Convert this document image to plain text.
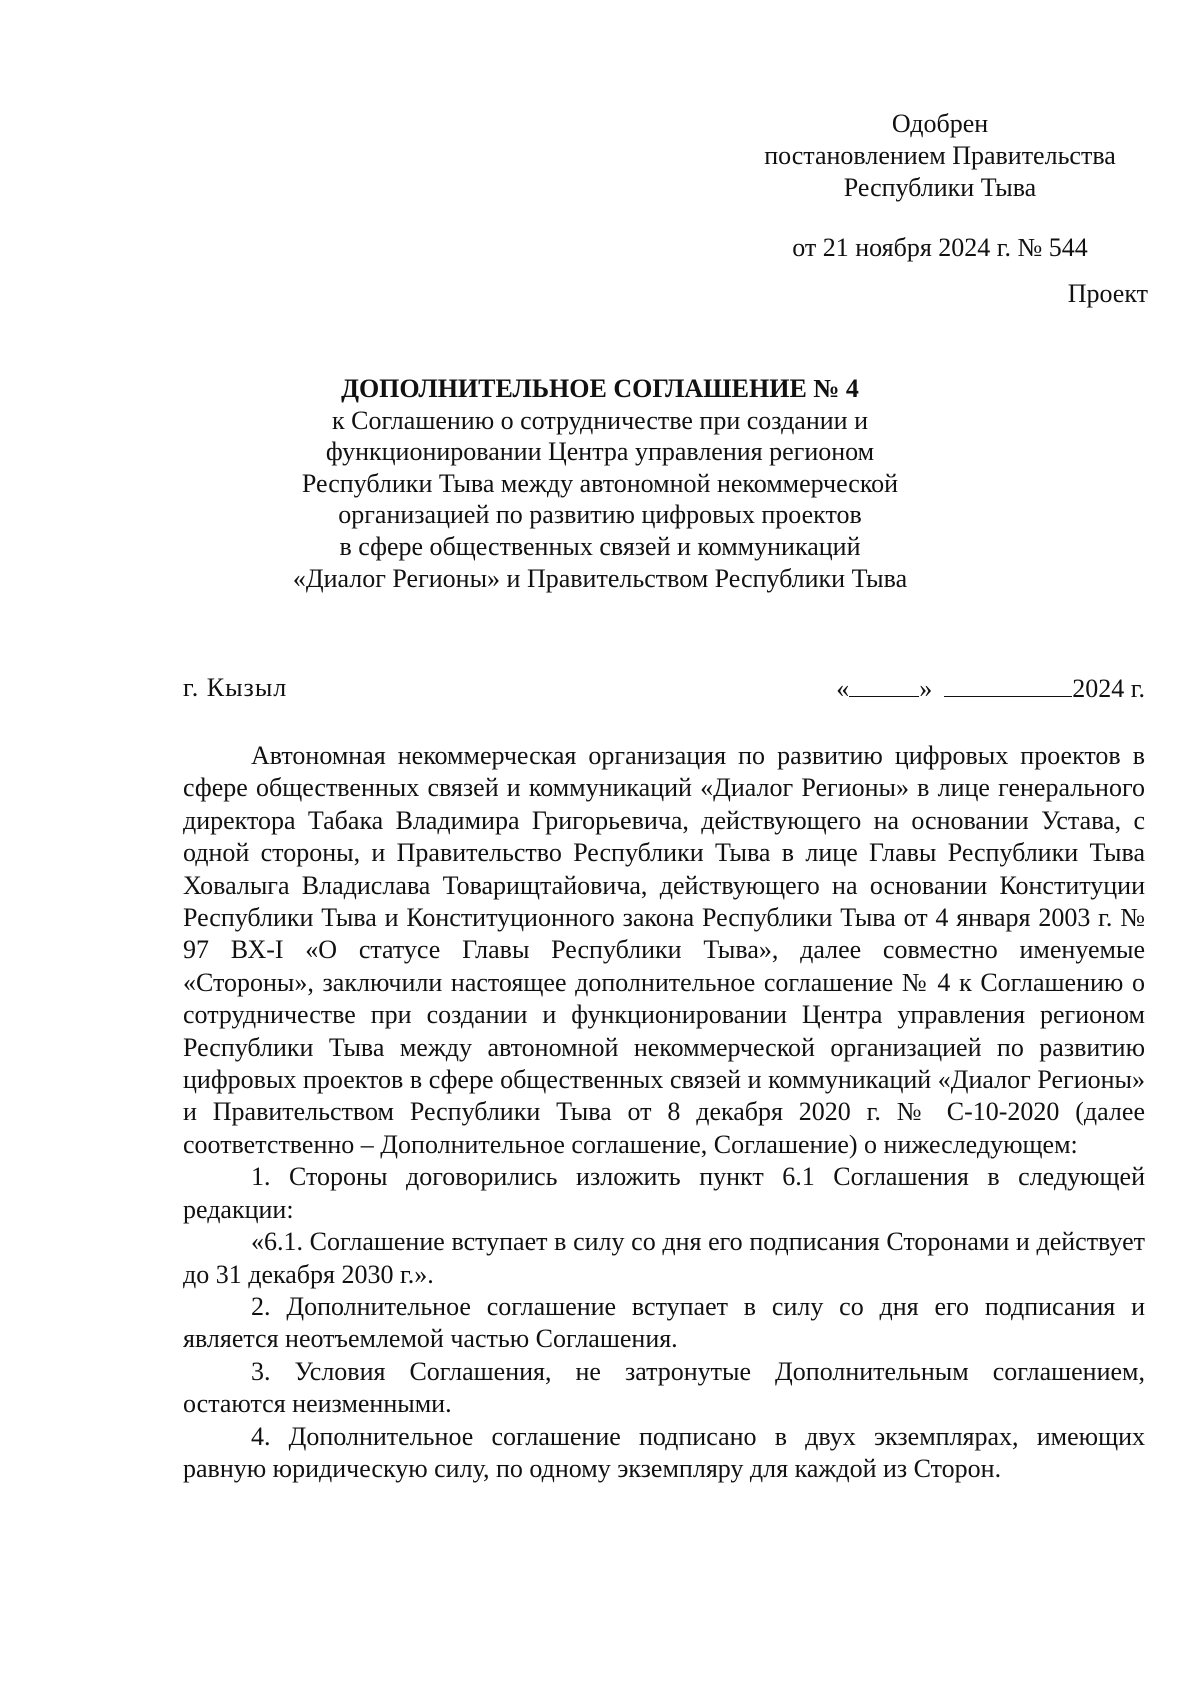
Одобрен
постановлением Правительства
Республики Тыва
от 21 ноября 2024 г. № 544
Проект
ДОПОЛНИТЕЛЬНОЕ СОГЛАШЕНИЕ № 4
к Соглашению о сотрудничестве при создании и
функционировании Центра управления регионом
Республики Тыва между автономной некоммерческой
организацией по развитию цифровых проектов
в сфере общественных связей и коммуникаций
«Диалог Регионы» и Правительством Республики Тыва
г. Кызыл	«	»	2024 г.

Автономная некоммерческая организация по развитию цифровых проектов в сфере общественных связей и коммуникаций «Диалог Регионы» в лице генерального директора Табака Владимира Григорьевича, действующего на основании Устава, с одной стороны, и Правительство Республики Тыва в лице Главы Республики Тыва Ховалыга Владислава Товарищтайовича, действующего на основании Конституции Республики Тыва и Конституционного закона Республики Тыва от 4 января 2003 г. № 97 ВХ-I «О статусе Главы Республики Тыва», далее совместно именуемые «Стороны», заключили настоящее дополнительное соглашение № 4 к Соглашению о сотрудничестве при создании и функционировании Центра управления регионом Республики Тыва между автономной некоммерческой организацией по развитию цифровых проектов в сфере общественных связей и коммуникаций «Диалог Регионы» и Правительством Республики Тыва от 8 декабря 2020 г. № С-10-2020 (далее соответственно – Дополнительное соглашение, Соглашение) о нижеследующем:

1. Стороны договорились изложить пункт 6.1 Соглашения в следующей редакции:

«6.1. Соглашение вступает в силу со дня его подписания Сторонами и действует до 31 декабря 2030 г.».

2. Дополнительное соглашение вступает в силу со дня его подписания и является неотъемлемой частью Соглашения.

3. Условия Соглашения, не затронутые Дополнительным соглашением, остаются неизменными.

4. Дополнительное соглашение подписано в двух экземплярах, имеющих равную юридическую силу, по одному экземпляру для каждой из Сторон.
